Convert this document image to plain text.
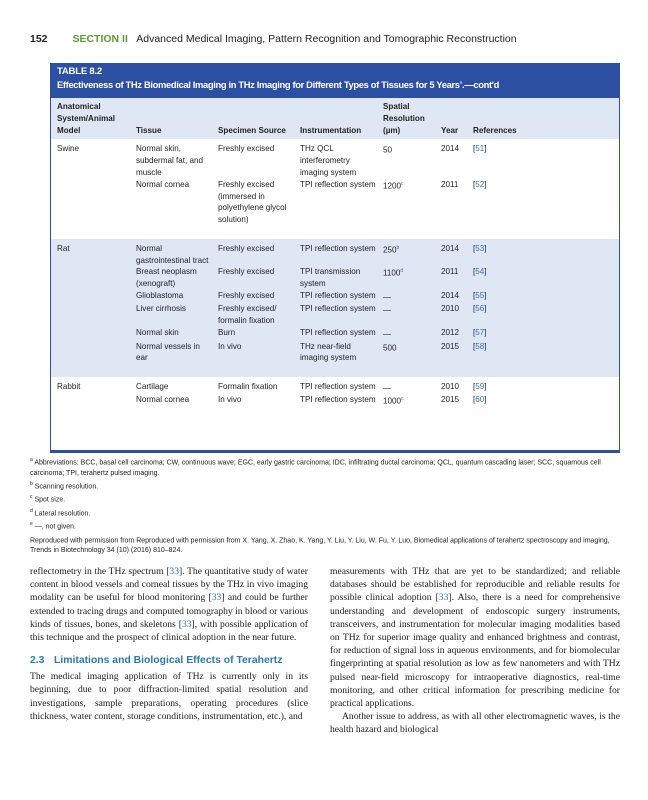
152 SECTION II Advanced Medical Imaging, Pattern Recognition and Tomographic Reconstruction
TABLE 8.2
Effectiveness of THz Biomedical Imaging in THz Imaging for Different Types of Tissues for 5 Years$^a$.—cont'd
Anatomical System/Animal Model	Tissue	Specimen Source	Instrumentation	Spatial Resolution (µm)	Year	References
Swine	Normal skin, subdermal fat, and muscle	Freshly excised	THz QCL interferometry imaging system	50	2014	[51]
	Normal cornea	Freshly excised (immersed in polyethylene glycol solution)	TPI reflection system	1200$^c$	2011	[52]
Rat	Normal gastrointestinal tract	Freshly excised	TPI reflection system	250$^b$	2014	[53]
	Breast neoplasm (xenograft)	Freshly excised	TPI transmission system	1100$^d$	2011	[54]
	Glioblastoma	Freshly excised	TPI reflection system	—	2014	[55]
	Liver cirrhosis	Freshly excised/ formalin fixation	TPI reflection system	—	2010	[56]
	Normal skin	Burn	TPI reflection system	—	2012	[57]
	Normal vessels in ear	In vivo	THz near-field imaging system	500	2015	[58]
Rabbit	Cartilage	Formalin fixation	TPI reflection system	—	2010	[59]
	Normal cornea	In vivo	TPI reflection system	1000$^c$	2015	[60]
$^a$ Abbreviations: BCC, basal cell carcinoma; CW, continuous wave; EGC, early gastric carcinoma; IDC, infiltrating ductal carcinoma; QCL, quantum cascading laser; SCC, squamous cell carcinoma; TPI, terahertz pulsed imaging.
$^b$ Scanning resolution.
$^c$ Spot size.
$^d$ Lateral resolution.
$^e$ —, not given.
Reproduced with permission from Reproduced with permission from X. Yang, X. Zhao, K. Yang, Y. Liu, Y. Liu, W. Fu, Y. Luo, Biomedical applications of terahertz spectroscopy and imaging, Trends in Biotechnology 34 (10) (2016) 810–824.

reflectometry in the THz spectrum [33]. The quantitative study of water content in blood vessels and corneal tissues by the THz in vivo imaging modality can be useful for blood monitoring [33] and could be further extended to tracing drugs and computed tomography in blood or various kinds of tissues, bones, and skeletons [33], with possible application of this technique and the prospect of clinical adoption in the near future.

2.3 Limitations and Biological Effects of Terahertz

The medical imaging application of THz is currently only in its beginning, due to poor diffraction-limited spatial resolution and investigations, sample preparations, operating procedures (slice thickness, water content, storage conditions, instrumentation, etc.), and

measurements with THz that are yet to be standardized; and reliable databases should be established for reproducible and reliable results for possible clinical adoption [33]. Also, there is a need for comprehensive understanding and development of endoscopic surgery instruments, transceivers, and instrumentation for molecular imaging modalities based on THz for superior image quality and enhanced brightness and contrast, for reduction of signal loss in aqueous environments, and for biomolecular fingerprinting at spatial resolution as low as few nanometers and with THz pulsed near-field microscopy for intraoperative diagnostics, real-time monitoring, and other critical information for prescribing medicine for practical applications.

Another issue to address, as with all other electromagnetic waves, is the health hazard and biological
